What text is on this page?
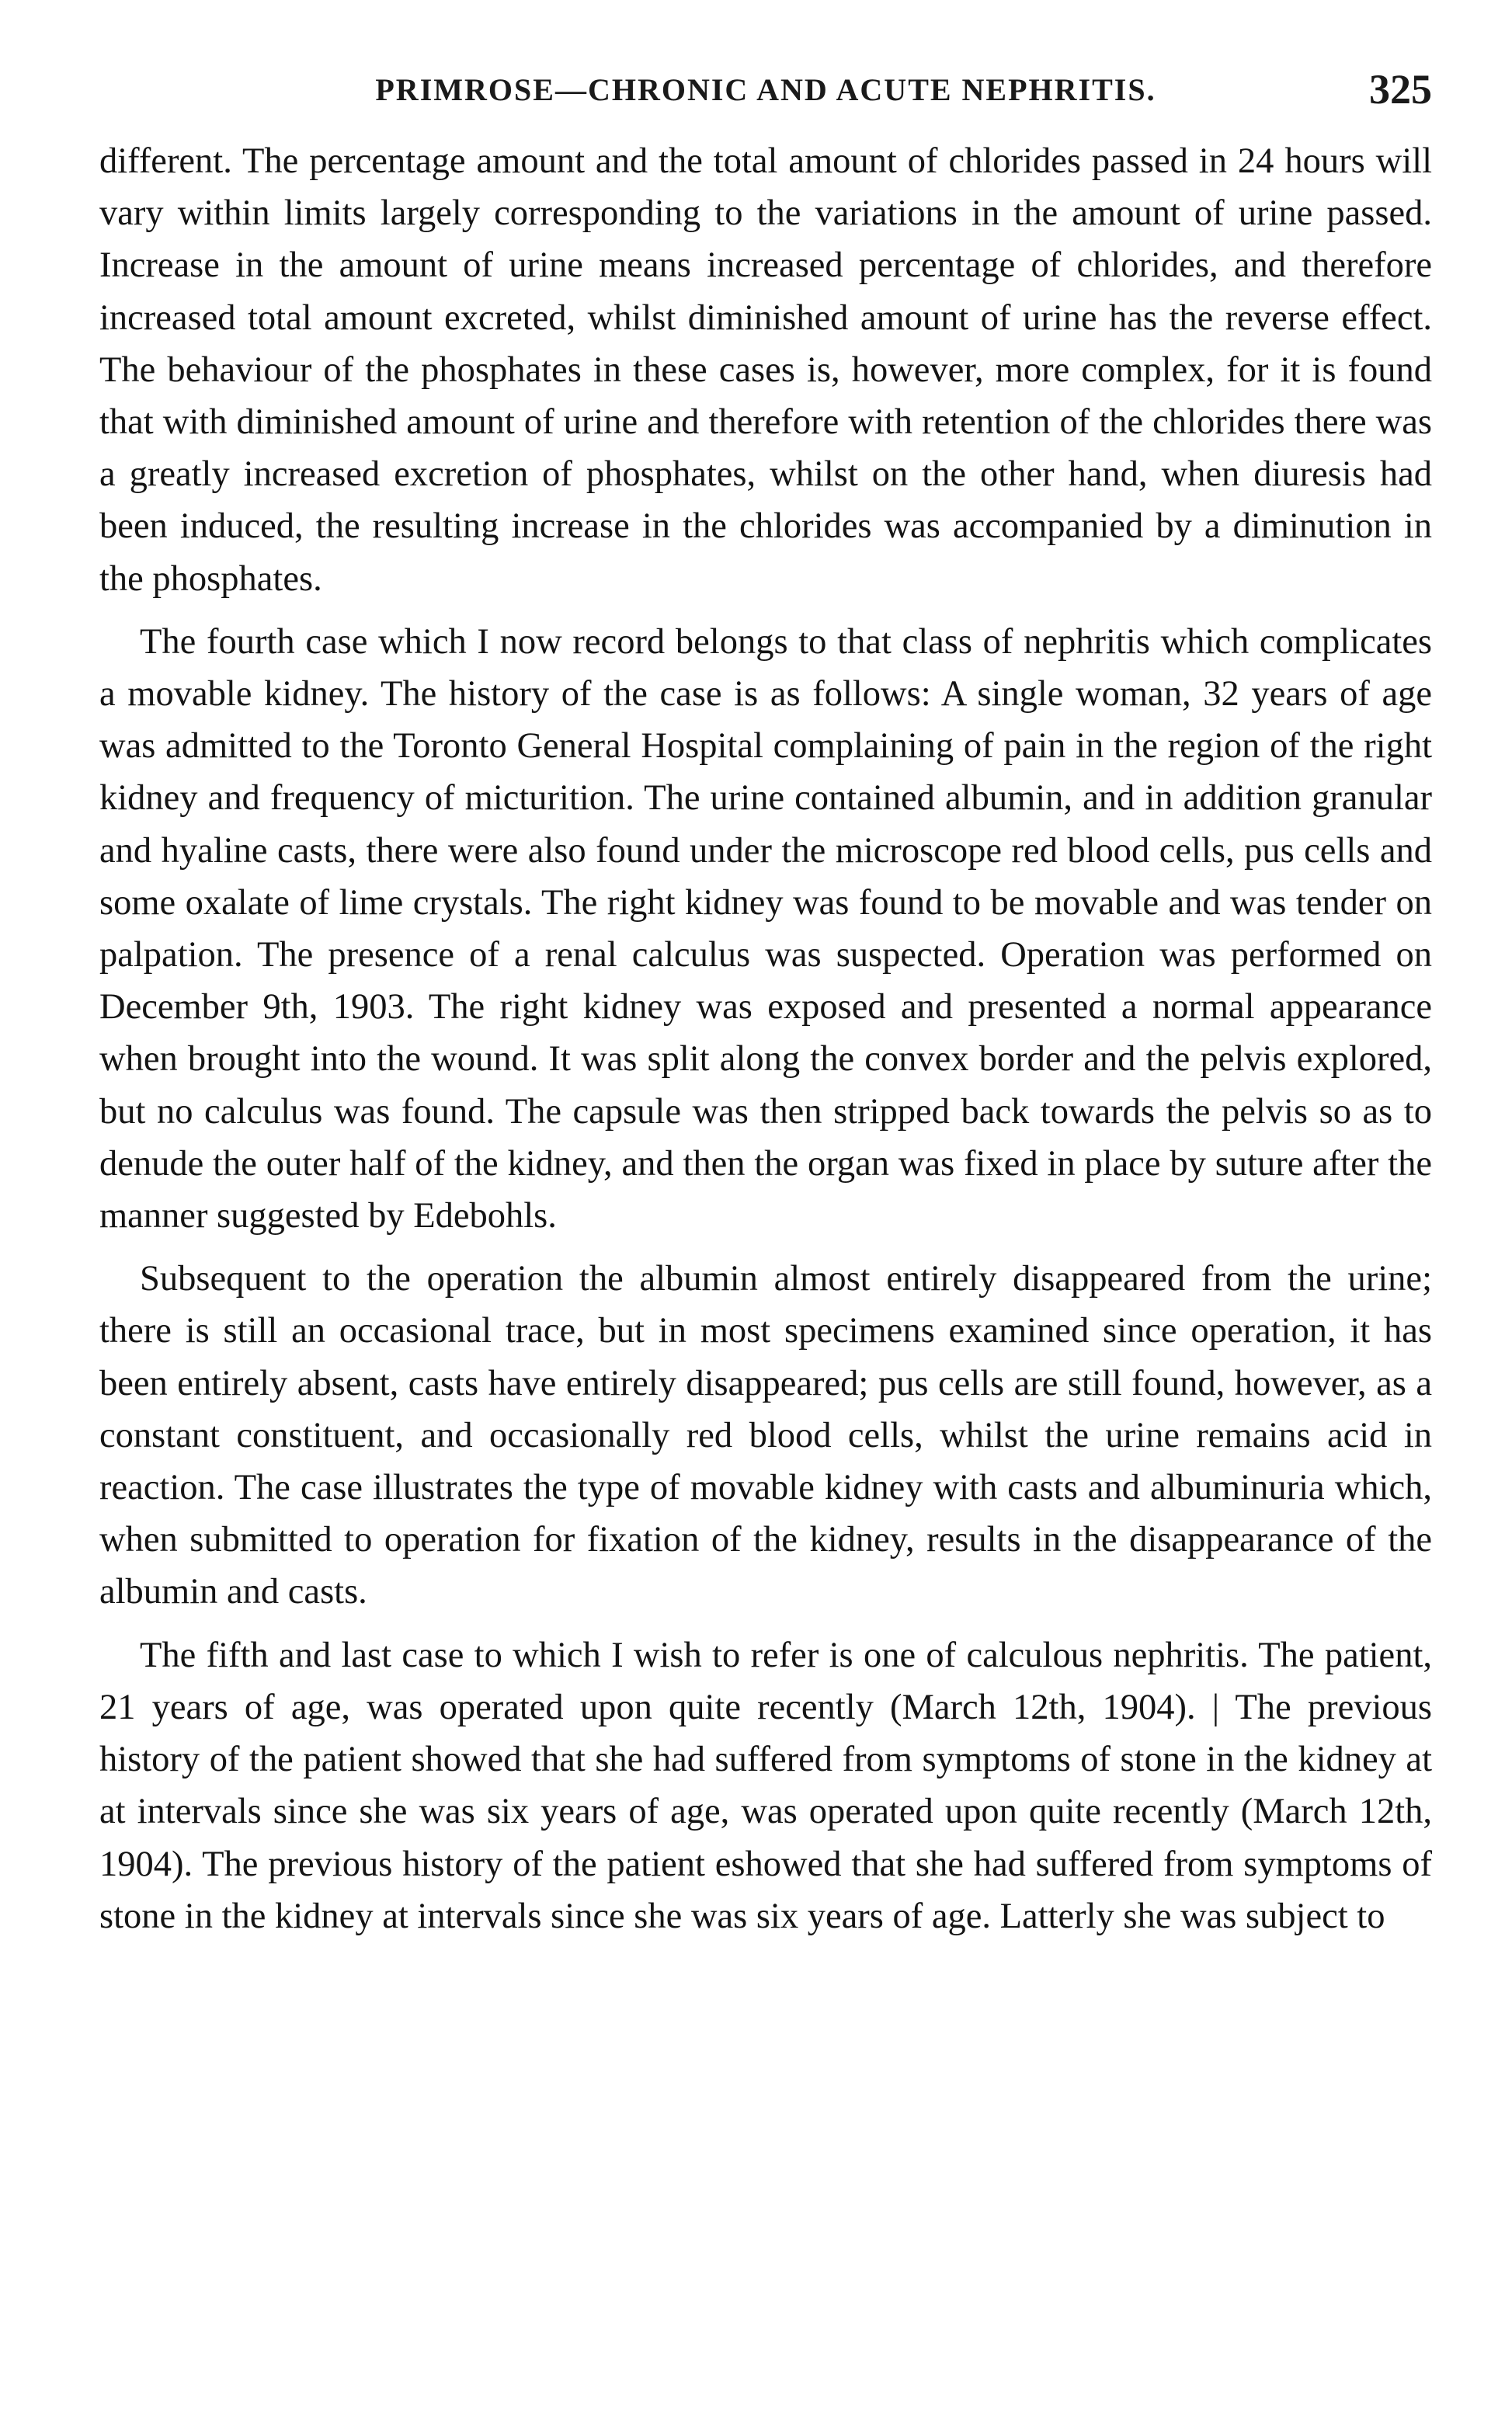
PRIMROSE—CHRONIC AND ACUTE NEPHRITIS.	325

different. The percentage amount and the total amount of chlorides passed in 24 hours will vary within limits largely corresponding to the variations in the amount of urine passed. Increase in the amount of urine means increased percentage of chlorides, and therefore increased total amount excreted, whilst diminished amount of urine has the reverse effect. The behaviour of the phosphates in these cases is, however, more complex, for it is found that with diminished amount of urine and therefore with retention of the chlorides there was a greatly increased excretion of phosphates, whilst on the other hand, when diuresis had been induced, the resulting increase in the chlorides was accompanied by a diminution in the phosphates.

The fourth case which I now record belongs to that class of nephritis which complicates a movable kidney. The history of the case is as follows: A single woman, 32 years of age was admitted to the Toronto General Hospital complaining of pain in the region of the right kidney and frequency of micturition. The urine contained albumin, and in addition granular and hyaline casts, there were also found under the microscope red blood cells, pus cells and some oxalate of lime crystals. The right kidney was found to be movable and was tender on palpation. The presence of a renal calculus was suspected. Operation was performed on December 9th, 1903. The right kidney was exposed and presented a normal appearance when brought into the wound. It was split along the convex border and the pelvis explored, but no calculus was found. The capsule was then stripped back towards the pelvis so as to denude the outer half of the kidney, and then the organ was fixed in place by suture after the manner suggested by Edebohls.

Subsequent to the operation the albumin almost entirely disappeared from the urine; there is still an occasional trace, but in most specimens examined since operation, it has been entirely absent, casts have entirely disappeared; pus cells are still found, however, as a constant constituent, and occasionally red blood cells, whilst the urine remains acid in reaction. The case illustrates the type of movable kidney with casts and albuminuria which, when submitted to operation for fixation of the kidney, results in the disappearance of the albumin and casts.

The fifth and last case to which I wish to refer is one of calculous nephritis. The patient, 21 years of age, was operated upon quite recently (March 12th, 1904). | The previous history of the patient showed that she had suffered from symptoms of stone in the kidney at at intervals since she was six years of age, was operated upon quite recently (March 12th, 1904). The previous history of the patient eshowed that she had suffered from symptoms of stone in the kidney at intervals since she was six years of age. Latterly she was subject to
